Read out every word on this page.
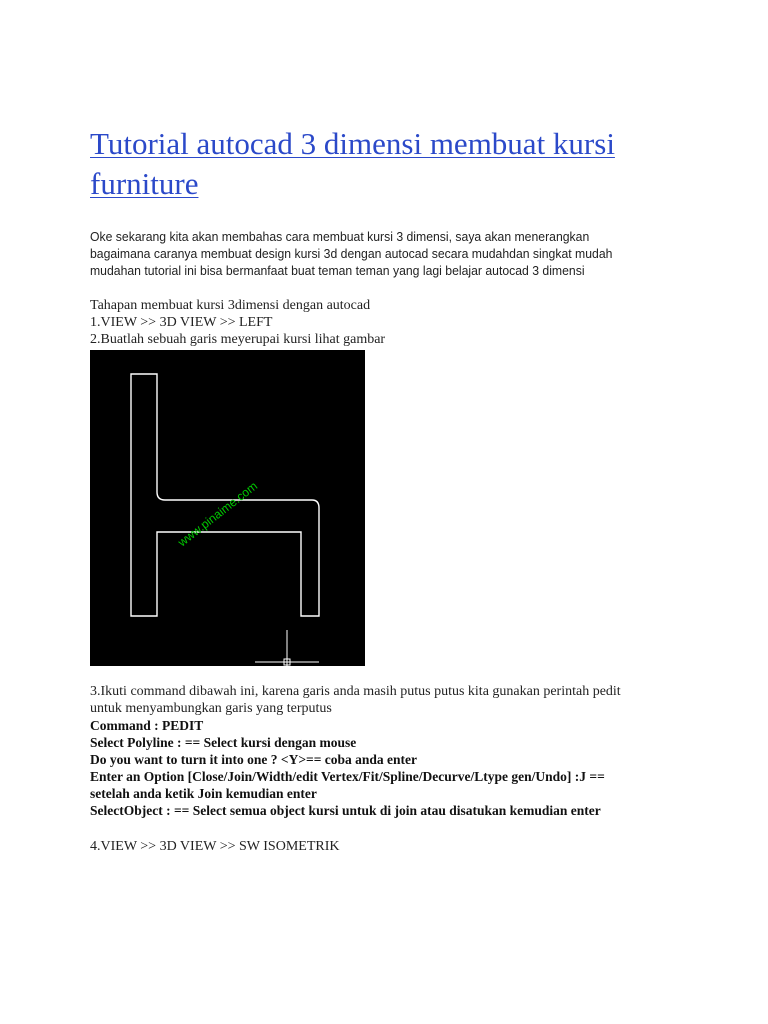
Tutorial autocad 3 dimensi membuat kursi furniture

Oke sekarang kita akan membahas cara membuat kursi 3 dimensi, saya akan menerangkan bagaimana caranya membuat design kursi 3d dengan autocad secara mudahdan singkat mudah mudahan tutorial ini bisa bermanfaat buat teman teman yang lagi belajar autocad 3 dimensi

Tahapan membuat kursi 3dimensi dengan autocad
1.VIEW >> 3D VIEW >> LEFT
2.Buatlah sebuah garis meyerupai kursi lihat gambar
www.pinaime.com

3.Ikuti command dibawah ini, karena garis anda masih putus putus kita gunakan perintah pedit

untuk menyambungkan garis yang terputus

Command : PEDIT

Select Polyline : == Select kursi dengan mouse

Do you want to turn it into one ? <Y>== coba anda enter

Enter an Option [Close/Join/Width/edit Vertex/Fit/Spline/Decurve/Ltype gen/Undo] :J ==

setelah anda ketik Join kemudian enter

SelectObject : == Select semua object kursi untuk di join atau disatukan kemudian enter

4.VIEW >> 3D VIEW >> SW ISOMETRIK
